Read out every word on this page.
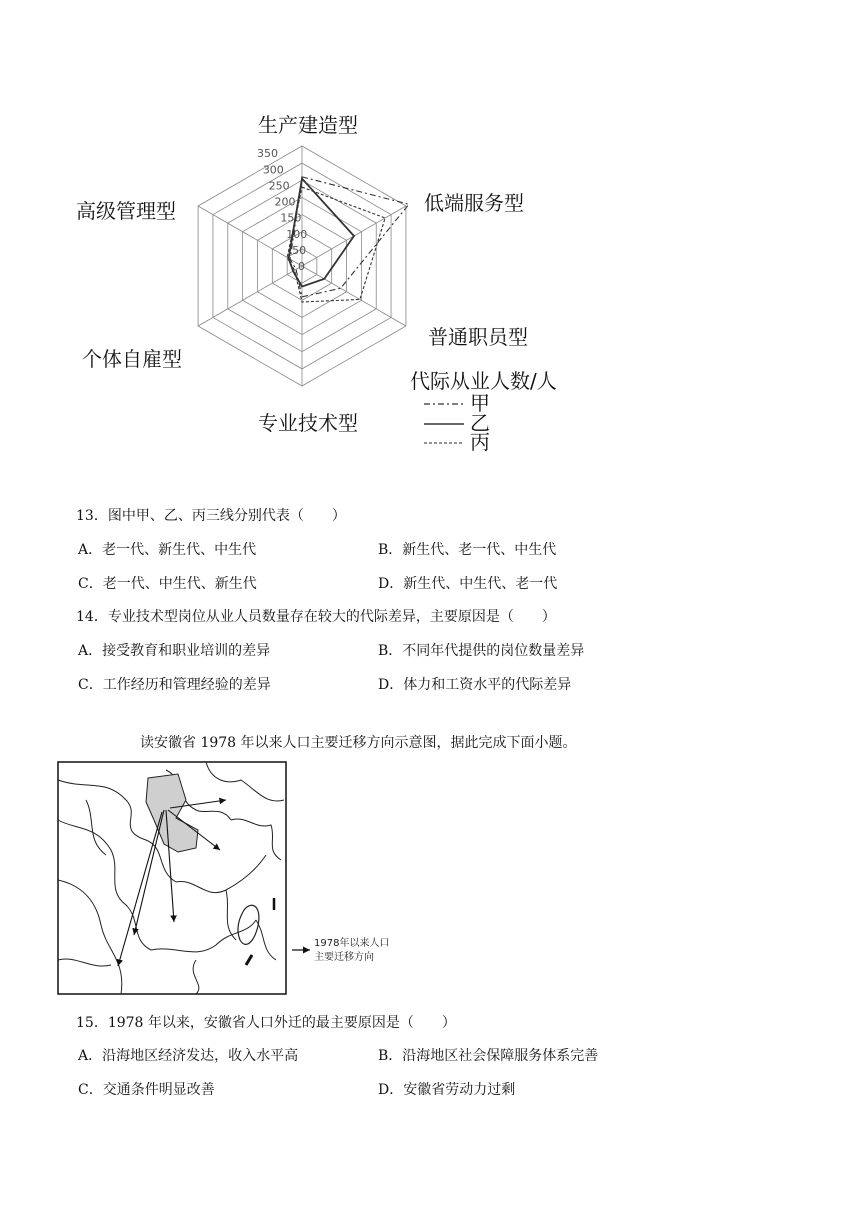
0
50
100
150
200
250
300
350
生产建造型
低端服务型
普通职员型
专业技术型
个体自雇型
高级管理型
代际从业人数/人
甲
乙
丙
13．图中甲、乙、丙三线分别代表（　　）
A．老一代、新生代、中生代	B．新生代、老一代、中生代
C．老一代、中生代、新生代	D．新生代、中生代、老一代
14．专业技术型岗位从业人员数量存在较大的代际差异，主要原因是（　　）
A．接受教育和职业培训的差异	B．不同年代提供的岗位数量差异
C．工作经历和管理经验的差异	D．体力和工资水平的代际差异
读安徽省 1978 年以来人口主要迁移方向示意图，据此完成下面小题。
1978年以来人口
主要迁移方向
15．1978 年以来，安徽省人口外迁的最主要原因是（　　）
A．沿海地区经济发达，收入水平高	B．沿海地区社会保障服务体系完善
C．交通条件明显改善	D．安徽省劳动力过剩
